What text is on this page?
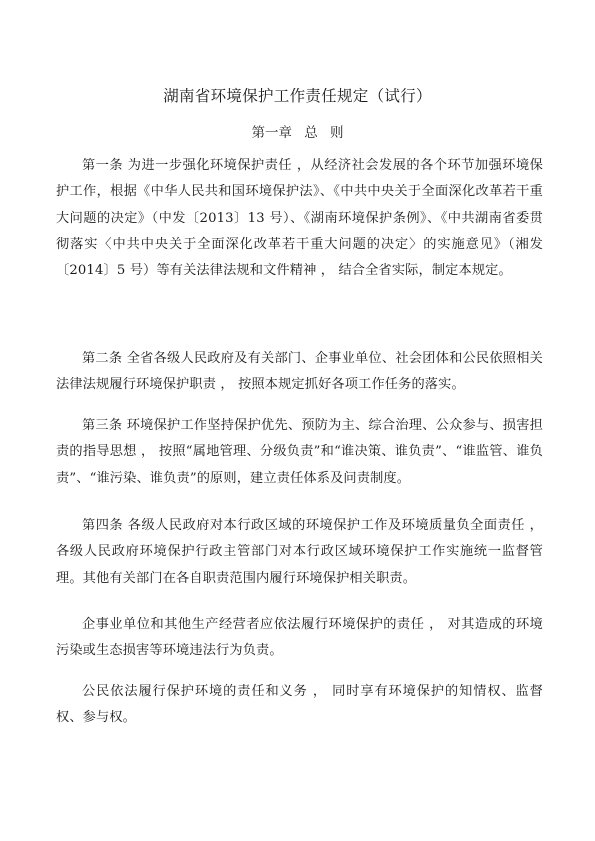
湖南省环境保护工作责任规定（试行）
第一章 总 则

第一条 为进一步强化环境保护责任 ，从经济社会发展的各个环节加强环境保护工作，根据《中华人民共和国环境保护法》、《中共中央关于全面深化改革若干重大问题的决定》（中发〔2013〕13 号）、《湖南环境保护条例》、《中共湖南省委贯彻落实〈中共中央关于全面深化改革若干重大问题的决定〉的实施意见》（湘发〔2014〕5 号）等有关法律法规和文件精神 ， 结合全省实际，制定本规定。

第二条 全省各级人民政府及有关部门、企事业单位、社会团体和公民依照相关法律法规履行环境保护职责 ， 按照本规定抓好各项工作任务的落实。

第三条 环境保护工作坚持保护优先、预防为主、综合治理、公众参与、损害担责的指导思想 ， 按照“属地管理、分级负责”和“谁决策、谁负责”、“谁监管、谁负责”、“谁污染、谁负责”的原则，建立责任体系及问责制度。

第四条 各级人民政府对本行政区域的环境保护工作及环境质量负全面责任 ，各级人民政府环境保护行政主管部门对本行政区域环境保护工作实施统一监督管理。其他有关部门在各自职责范围内履行环境保护相关职责。

企事业单位和其他生产经营者应依法履行环境保护的责任 ， 对其造成的环境污染或生态损害等环境违法行为负责。

公民依法履行保护环境的责任和义务 ， 同时享有环境保护的知情权、监督权、参与权。
